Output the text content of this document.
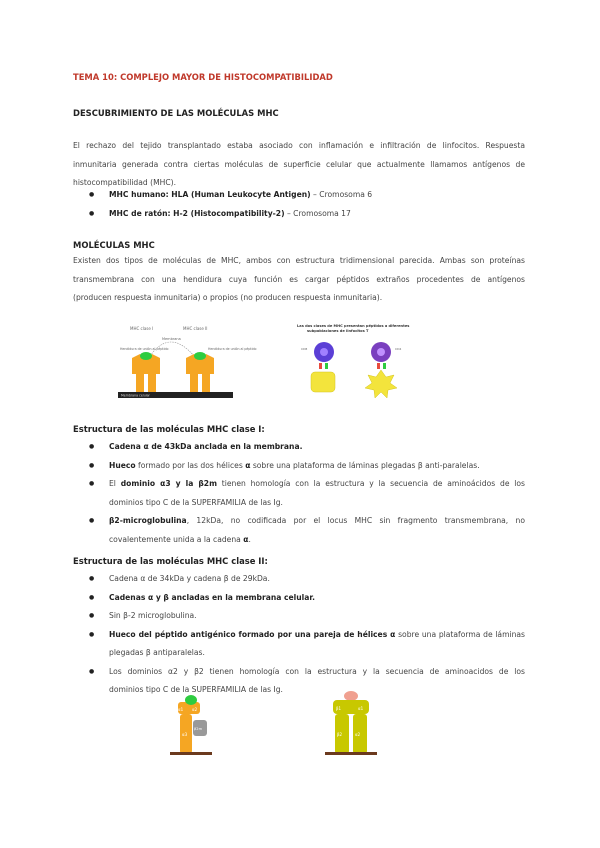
TEMA 10: COMPLEJO MAYOR DE HISTOCOMPATIBILIDAD
DESCUBRIMIENTO DE LAS MOLÉCULAS MHC
El rechazo del tejido transplantado estaba asociado con inflamación e infiltración de linfocitos. Respuesta
inmunitaria generada contra ciertas moléculas de superficie celular que actualmente llamamos antígenos de
histocompatibilidad (MHC).
● MHC humano: HLA (Human Leukocyte Antigen) – Cromosoma 6
● MHC de ratón: H-2 (Histocompatibility-2) – Cromosoma 17
MOLÉCULAS MHC
Existen dos tipos de moléculas de MHC, ambos con estructura tridimensional parecida. Ambas son proteínas
transmembrana con una hendidura cuya función es cargar péptidos extraños procedentes de antígenos
(producen respuesta inmunitaria) o propios (no producen respuesta inmunitaria).
MHC clase I	MHC clase II
Membrana
Hendidura de unión al péptido	Hendidura de unión al péptido
Membrana celular
Las dos clases de MHC presentan péptidos a diferentes
subpoblaciones de linfocitos T
CD8	CD4
Estructura de las moléculas MHC clase I:
● Cadena α de 43kDa anclada en la membrana.
● Hueco formado por las dos hélices α sobre una plataforma de láminas plegadas β anti-paralelas.
● El dominio α3 y la β2m tienen homología con la estructura y la secuencia de aminoácidos de los
dominios tipo C de la SUPERFAMILIA de las Ig.
● β2-microglobulina, 12kDa, no codificada por el locus MHC sin fragmento transmembrana, no
covalentemente unida a la cadena α.
Estructura de las moléculas MHC clase II:
● Cadena α de 34kDa y cadena β de 29kDa.
● Cadenas α y β ancladas en la membrana celular.
● Sin β-2 microglobulina.
● Hueco del péptido antigénico formado por una pareja de hélices α sobre una plataforma de láminas
plegadas β antiparalelas.
● Los dominios α2 y β2 tienen homología con la estructura y la secuencia de aminoacidos de los
dominios tipo C de la SUPERFAMILIA de las Ig.
α1 α2
α3
β2m
β1	α1
β2	α2
